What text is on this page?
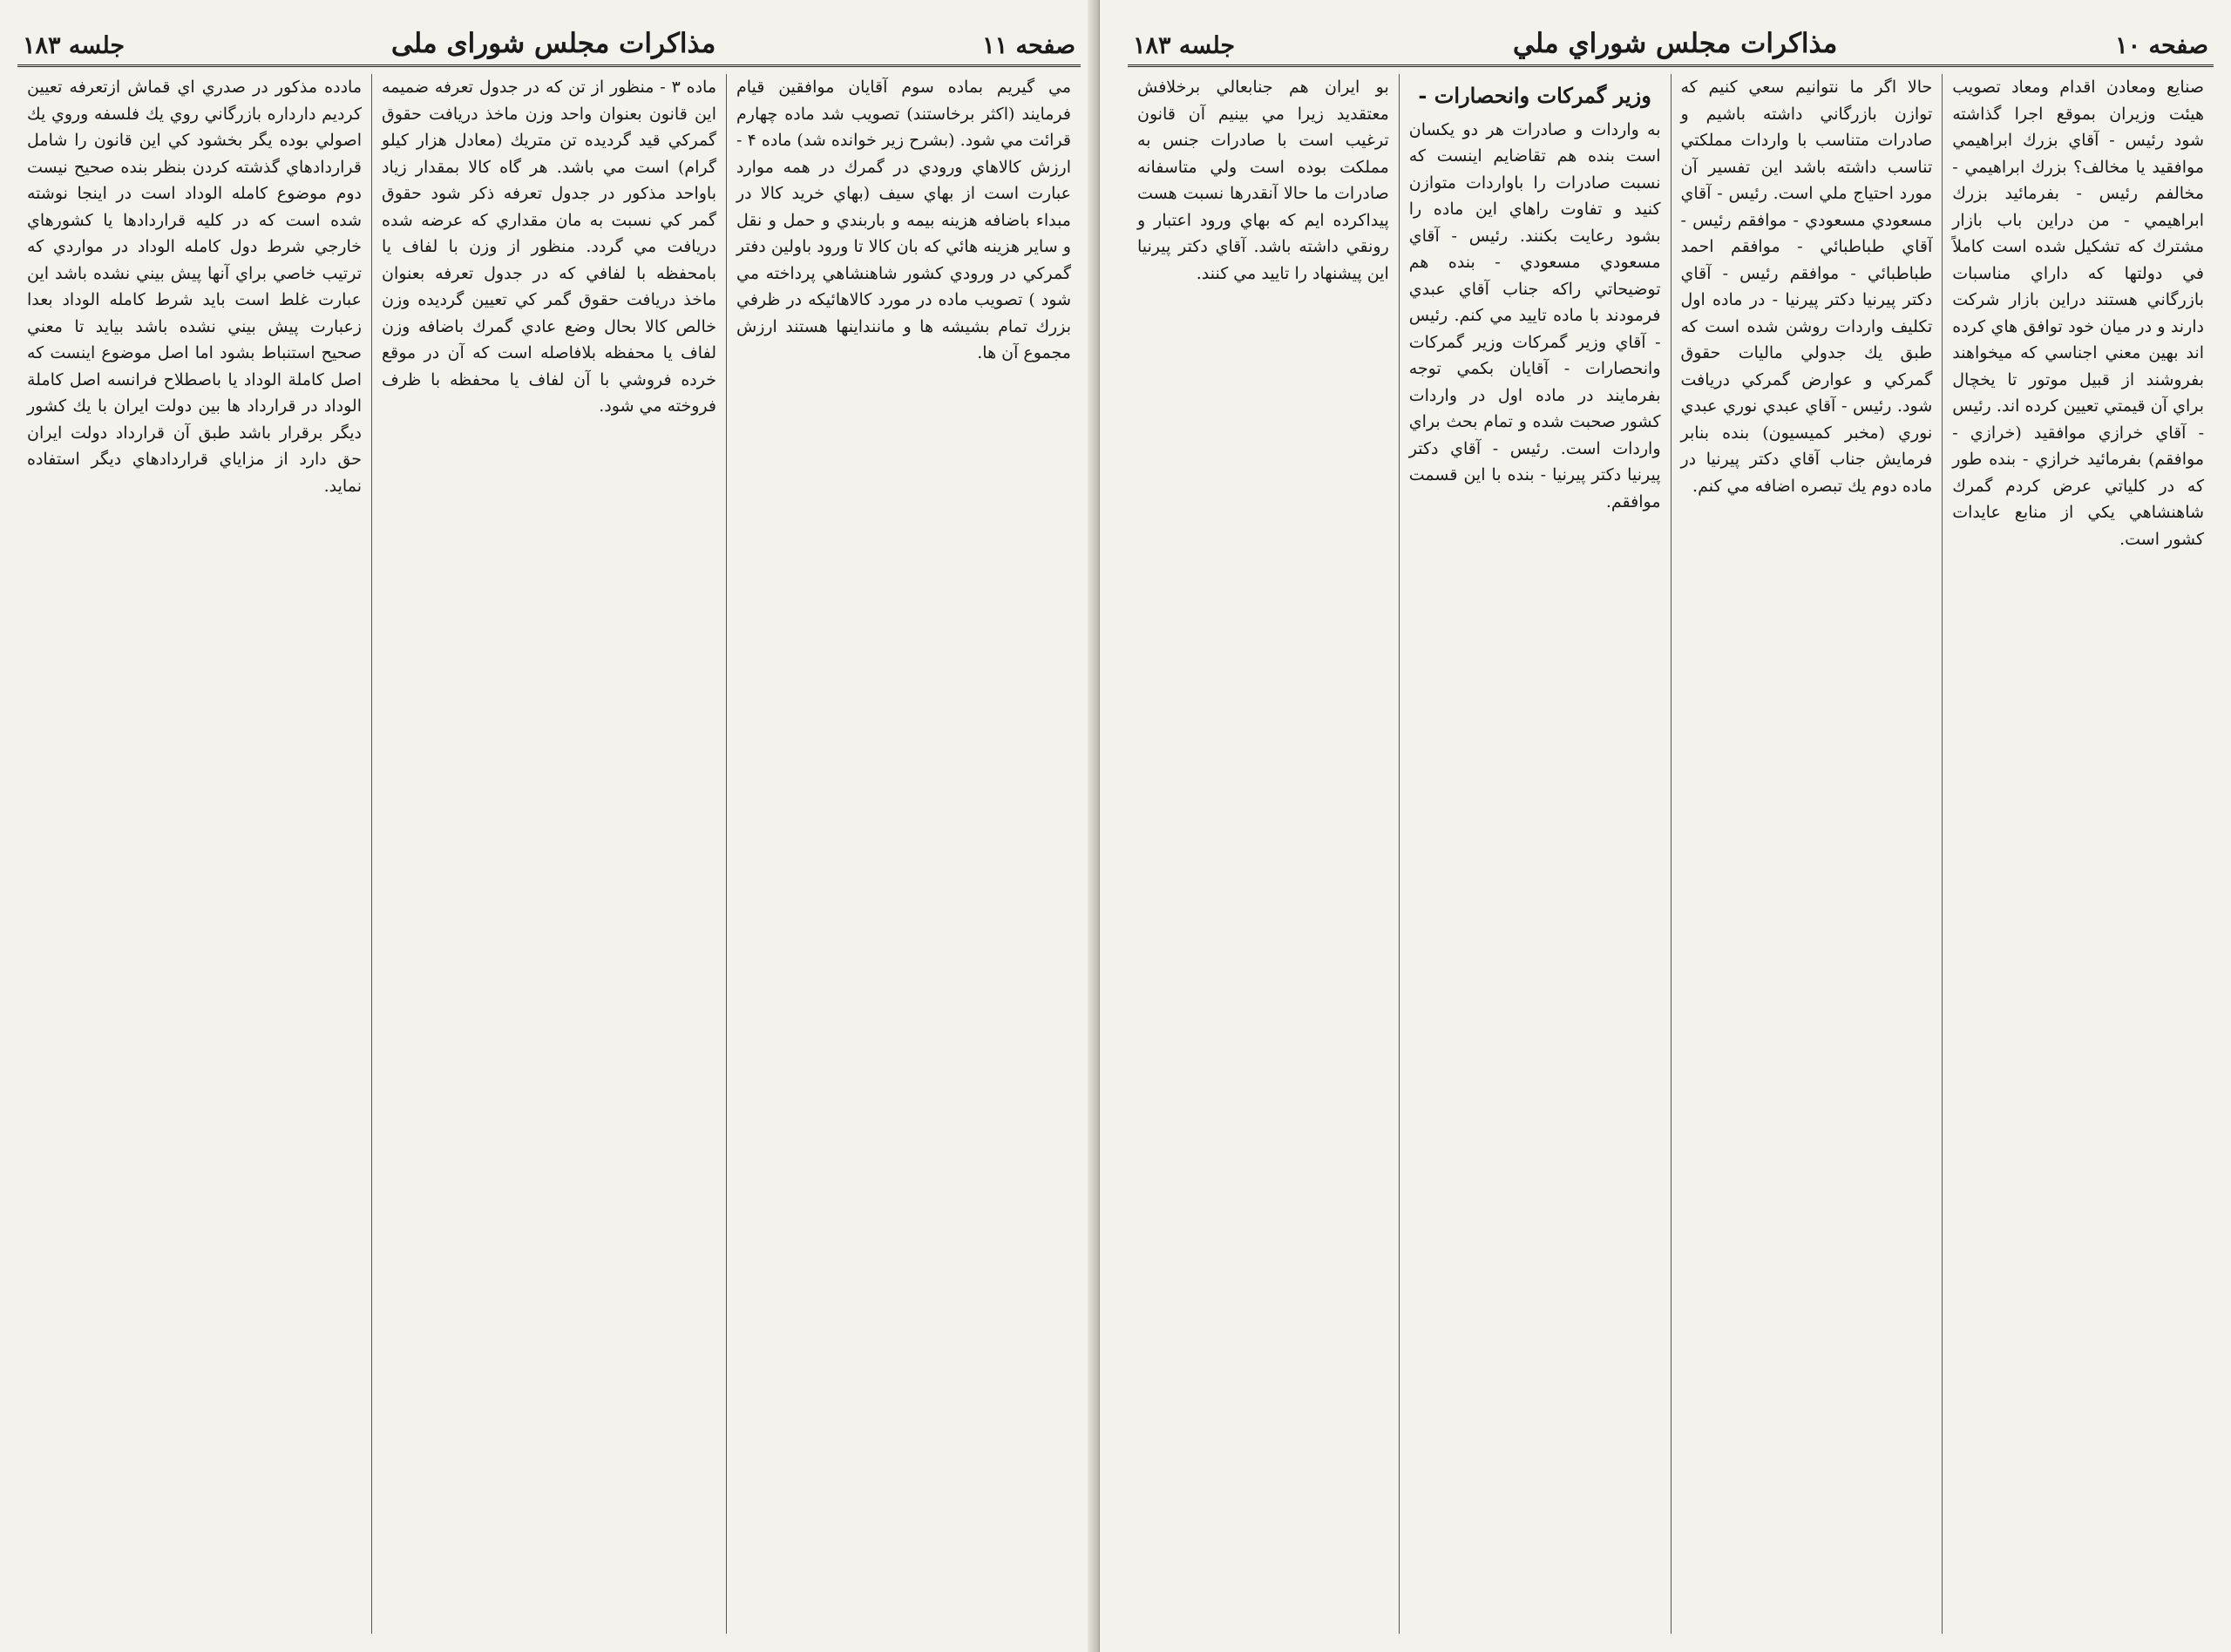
صفحه ۱۱
مذاکرات مجلس شورای ملی
جلسه ۱۸۳

مي گيريم بماده سوم آقايان موافقين قيام فرمايند (اكثر برخاستند) تصويب شد ماده چهارم قرائت مي شود. (بشرح زير خوانده شد) ماده ۴ - ارزش كالاهاي ورودي در گمرك در همه موارد عبارت است از بهاي سيف (بهاي خريد كالا در مبداء باضافه هزينه بيمه و باربندي و حمل و نقل و ساير هزينه هائي كه بان كالا تا ورود باولين دفتر گمركي در ورودي كشور شاهنشاهي پرداخته مي شود ) تصويب ماده در مورد كالاهائيكه در ظرفي بزرك تمام بشيشه ها و ماننداينها هستند ارزش مجموع آن ها.

ماده ۳ - منظور از تن كه در جدول تعرفه ضميمه اين قانون بعنوان واحد وزن ماخذ دريافت حقوق گمركي قيد گرديده تن متريك (معادل هزار كيلو گرام) است مي باشد. هر گاه كالا بمقدار زياد باواحد مذكور در جدول تعرفه ذكر شود حقوق گمر كي نسبت به مان مقداري كه عرضه شده دريافت مي گردد. منظور از وزن با لفاف يا بامحفظه با لفافي كه در جدول تعرفه بعنوان ماخذ دريافت حقوق گمر كي تعيين گرديده وزن خالص كالا بحال وضع عادي گمرك باضافه وزن لفاف يا محفظه بلافاصله است كه آن در موقع خرده فروشي با آن لفاف يا محفظه با ظرف فروخته مي شود.

مادده مذكور در صدري اي قماش ازتعرفه تعيين كرديم دارداره بازرگاني روي يك فلسفه وروي يك اصولي بوده يگر بخشود كي اين قانون را شامل قراردادهاي گذشته كردن بنظر بنده صحيح نيست دوم موضوع كامله الوداد است در اينجا نوشته شده است كه در كليه قراردادها يا كشورهاي خارجي شرط دول كامله الوداد در مواردي كه ترتيب خاصي براي آنها پيش بيني نشده باشد اين عبارت غلط است بايد شرط كامله الوداد بعدا زعبارت پيش بيني نشده باشد بيايد تا معني صحيح استنباط بشود اما اصل موضوع اينست كه اصل كاملة الوداد يا باصطلاح فرانسه اصل كاملة الوداد در قرارداد ها بين دولت ايران با يك كشور ديگر برقرار باشد طبق آن قرارداد دولت ايران حق دارد از مزاياي قراردادهاي ديگر استفاده نمايد.

صفحه ۱۰
مذاكرات مجلس شوراي ملي
جلسه ۱۸۳

صنايع ومعادن اقدام ومعاد تصويب هيئت وزيران بموقع اجرا گذاشته شود رئيس - آقاي بزرك ابراهيمي موافقيد يا مخالف؟ بزرك ابراهيمي - مخالفم رئيس - بفرمائيد بزرك ابراهيمي - من دراين باب بازار مشترك كه تشكيل شده است كاملاً في دولتها كه داراي مناسبات بازرگاني هستند دراين بازار شركت دارند و در ميان خود توافق هاي كرده اند بهين معني اجناسي كه ميخواهند بفروشند از قبيل موتور تا يخچال براي آن قيمتي تعيين كرده اند. رئيس - آقاي خرازي موافقيد (خرازي - موافقم) بفرمائيد خرازي - بنده طور كه در كلياتي عرض كردم گمرك شاهنشاهي يكي از منابع عايدات كشور است.

حالا اگر ما نتوانيم سعي كنيم كه توازن بازرگاني داشته باشيم و صادرات متناسب با واردات مملكتي تناسب داشته باشد اين تفسير آن مورد احتياج ملي است. رئيس - آقاي مسعودي مسعودي - موافقم رئيس - آقاي طباطبائي - موافقم احمد طباطبائي - موافقم رئيس - آقاي دكتر پيرنيا دكتر پيرنيا - در ماده اول تكليف واردات روشن شده است كه طبق يك جدولي ماليات حقوق گمركي و عوارض گمركي دريافت شود. رئيس - آقاي عبدي نوري عبدي نوري (مخبر كميسيون) بنده بنابر فرمايش جناب آقاي دكتر پيرنيا در ماده دوم يك تبصره اضافه مي كنم.

وزير گمركات وانحصارات -

به واردات و صادرات هر دو يكسان است بنده هم تقاضايم اينست كه نسبت صادرات را باواردات متوازن كنيد و تفاوت راهاي اين ماده را بشود رعايت بكنند. رئيس - آقاي مسعودي مسعودي - بنده هم توضيحاتي راكه جناب آقاي عبدي فرمودند با ماده تاييد مي كنم. رئيس - آقاي وزير گمركات وزير گمركات وانحصارات - آقايان بكمي توجه بفرمايند در ماده اول در واردات كشور صحبت شده و تمام بحث براي واردات است. رئيس - آقاي دكتر پيرنيا دكتر پيرنيا - بنده با اين قسمت موافقم.

بو ايران هم جنابعالي برخلافش معتقديد زيرا مي بينيم آن قانون ترغيب است با صادرات جنس به مملكت بوده است ولي متاسفانه صادرات ما حالا آنقدرها نسبت هست پيداكرده ايم كه بهاي ورود اعتبار و رونقي داشته باشد. آقاي دكتر پيرنيا اين پيشنهاد را تاييد مي كنند.
